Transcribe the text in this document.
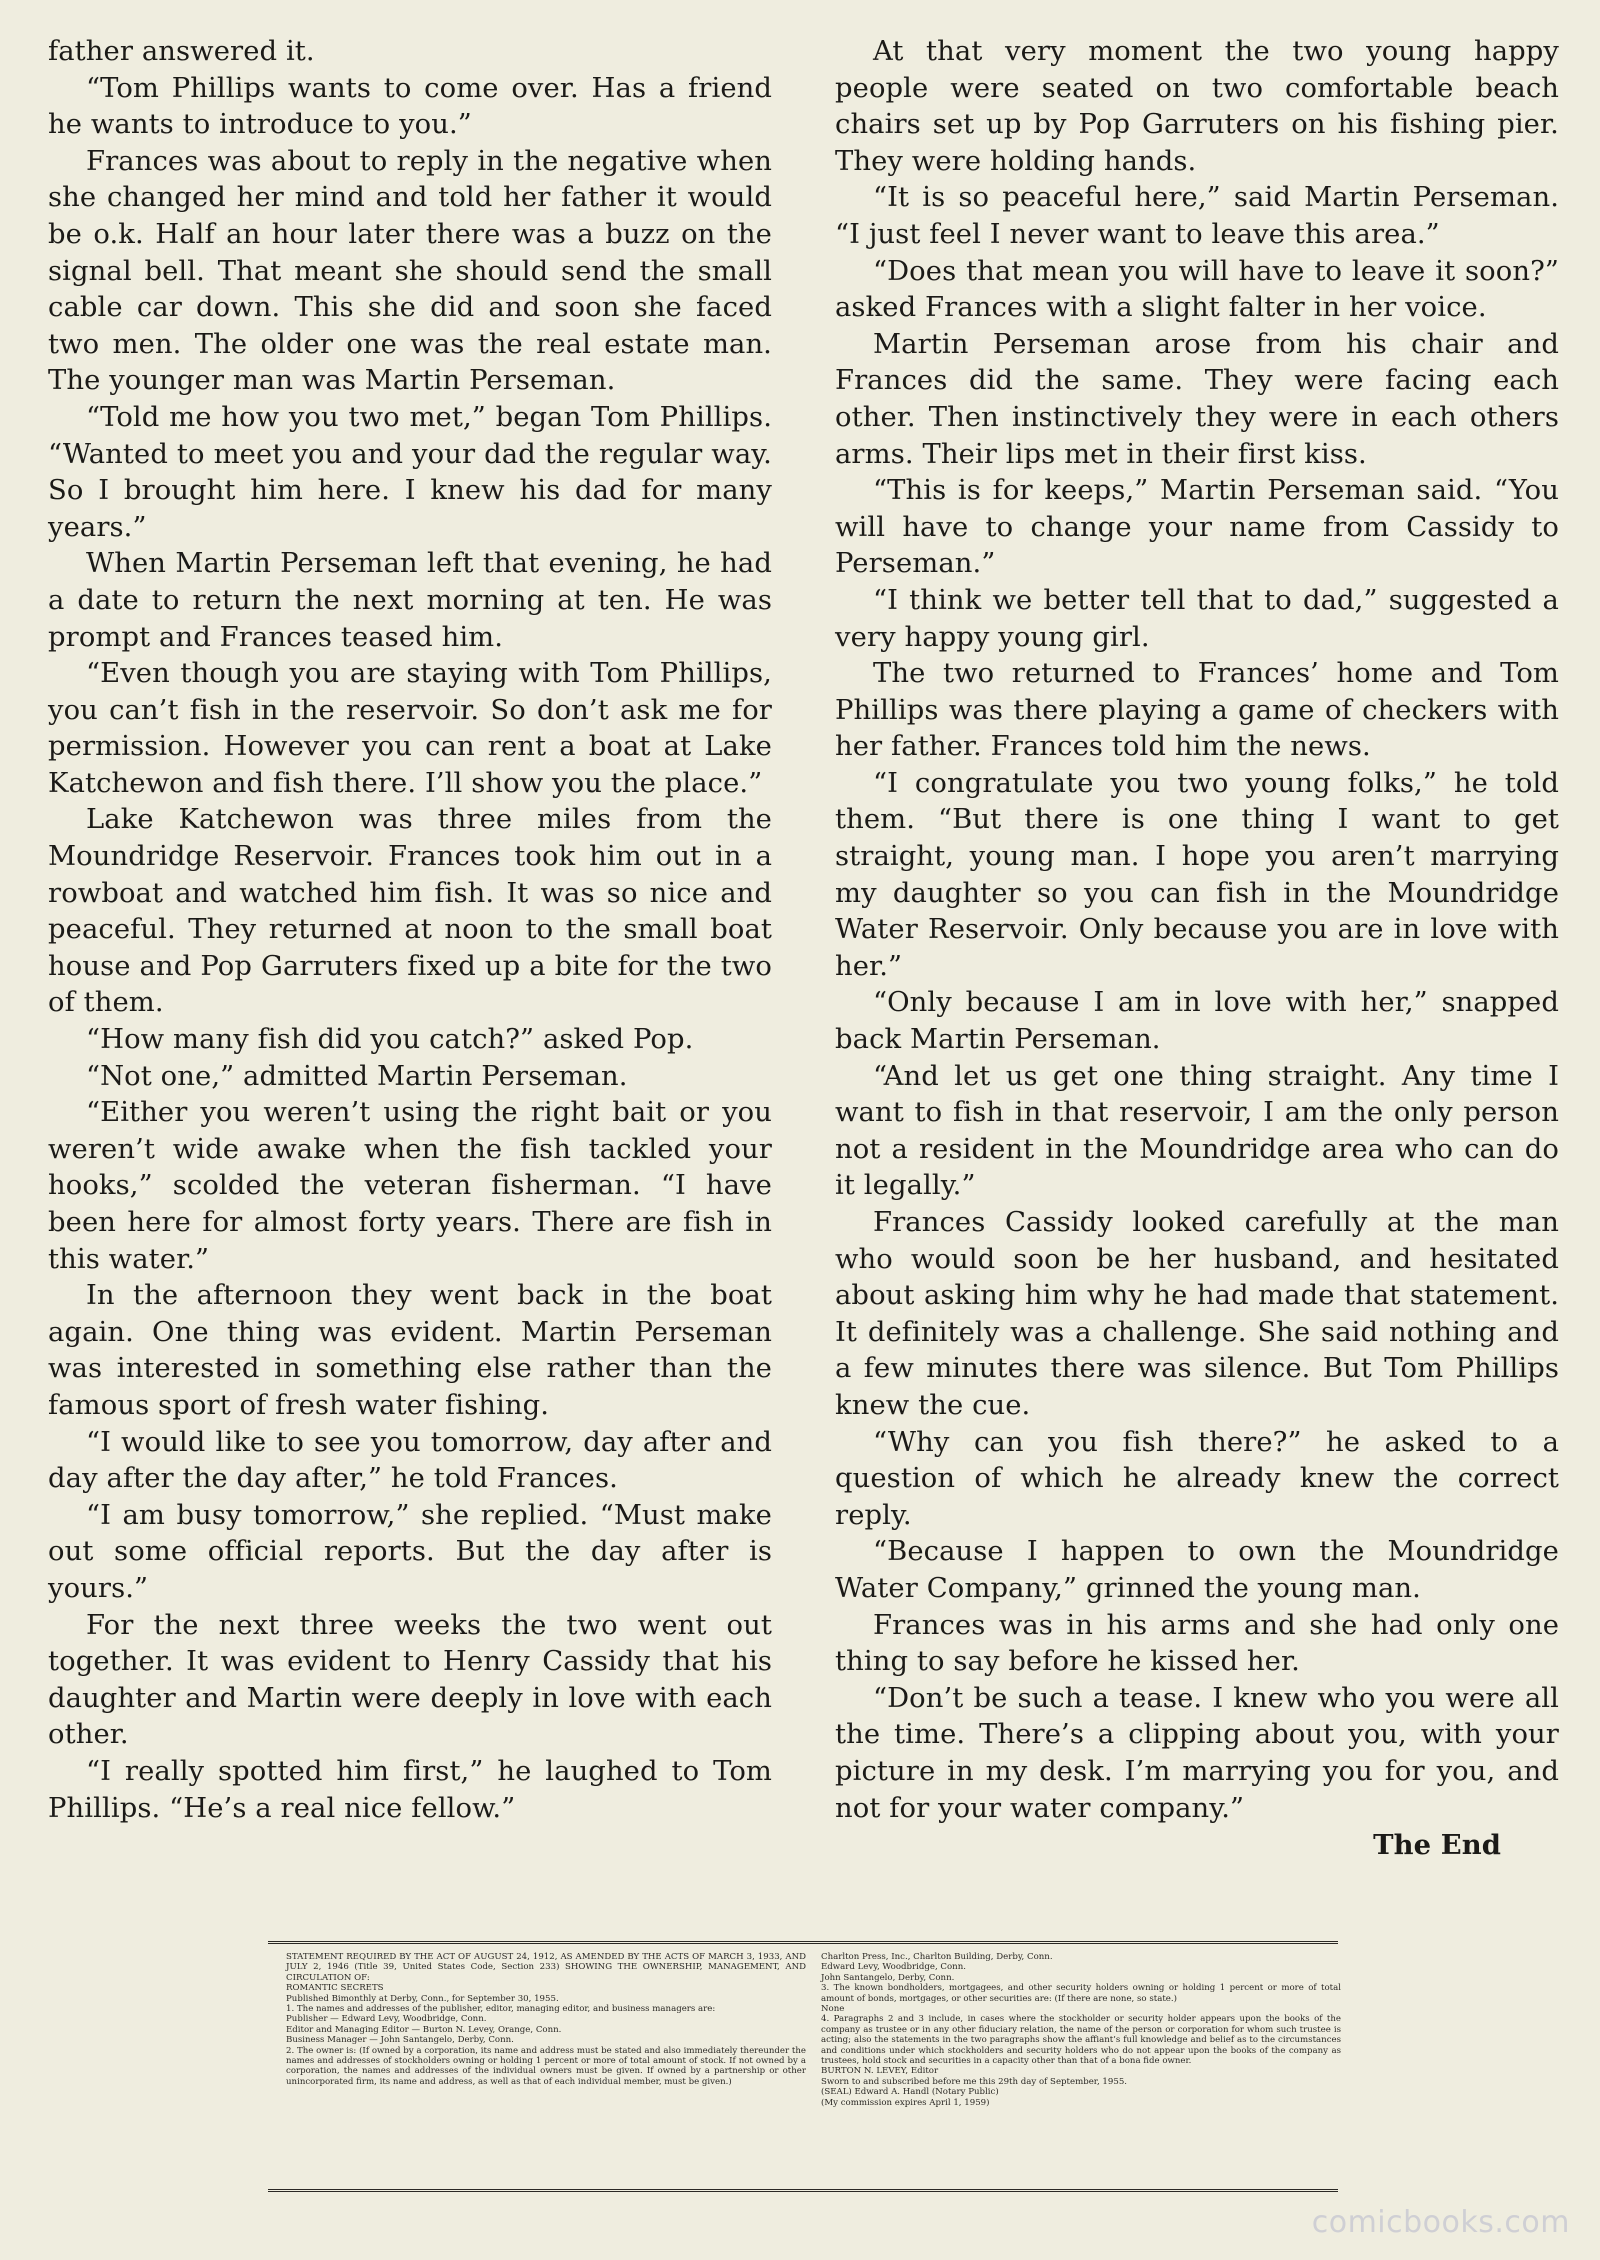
father answered it.

“Tom Phillips wants to come over. Has a friend he wants to introduce to you.”

Frances was about to reply in the negative when she changed her mind and told her father it would be o.k. Half an hour later there was a buzz on the signal bell. That meant she should send the small cable car down. This she did and soon she faced two men. The older one was the real estate man. The younger man was Martin Perseman.

“Told me how you two met,” began Tom Phillips. “Wanted to meet you and your dad the regular way. So I brought him here. I knew his dad for many years.”

When Martin Perseman left that evening, he had a date to return the next morning at ten. He was prompt and Frances teased him.

“Even though you are staying with Tom Phillips, you can’t fish in the reservoir. So don’t ask me for permission. However you can rent a boat at Lake Katchewon and fish there. I’ll show you the place.”

Lake Katchewon was three miles from the Moundridge Reservoir. Frances took him out in a rowboat and watched him fish. It was so nice and peaceful. They returned at noon to the small boat house and Pop Garruters fixed up a bite for the two of them.

“How many fish did you catch?” asked Pop.

“Not one,” admitted Martin Perseman.

“Either you weren’t using the right bait or you weren’t wide awake when the fish tackled your hooks,” scolded the veteran fisherman. “I have been here for almost forty years. There are fish in this water.”

In the afternoon they went back in the boat again. One thing was evident. Martin Perseman was interested in something else rather than the famous sport of fresh water fishing.

“I would like to see you tomorrow, day after and day after the day after,” he told Frances.

“I am busy tomorrow,” she replied. “Must make out some official reports. But the day after is yours.”

For the next three weeks the two went out together. It was evident to Henry Cassidy that his daughter and Martin were deeply in love with each other.

“I really spotted him first,” he laughed to Tom Phillips. “He’s a real nice fellow.”

At that very moment the two young happy people were seated on two comfortable beach chairs set up by Pop Garruters on his fishing pier. They were holding hands.

“It is so peaceful here,” said Martin Perseman. “I just feel I never want to leave this area.”

“Does that mean you will have to leave it soon?” asked Frances with a slight falter in her voice.

Martin Perseman arose from his chair and Frances did the same. They were facing each other. Then instinctively they were in each others arms. Their lips met in their first kiss.

“This is for keeps,” Martin Perseman said. “You will have to change your name from Cassidy to Perseman.”

“I think we better tell that to dad,” suggested a very happy young girl.

The two returned to Frances’ home and Tom Phillips was there playing a game of checkers with her father. Frances told him the news.

“I congratulate you two young folks,” he told them. “But there is one thing I want to get straight, young man. I hope you aren’t marrying my daughter so you can fish in the Moundridge Water Reservoir. Only because you are in love with her.”

“Only because I am in love with her,” snapped back Martin Perseman.

“And let us get one thing straight. Any time I want to fish in that reservoir, I am the only person not a resident in the Moundridge area who can do it legally.”

Frances Cassidy looked carefully at the man who would soon be her husband, and hesitated about asking him why he had made that statement. It definitely was a challenge. She said nothing and a few minutes there was silence. But Tom Phillips knew the cue.

“Why can you fish there?” he asked to a question of which he already knew the correct reply.

“Because I happen to own the Moundridge Water Company,” grinned the young man.

Frances was in his arms and she had only one thing to say before he kissed her.

“Don’t be such a tease. I knew who you were all the time. There’s a clipping about you, with your picture in my desk. I’m marrying you for you, and not for your water company.”

The End
STATEMENT REQUIRED BY THE ACT OF AUGUST 24, 1912, AS AMENDED BY THE ACTS OF MARCH 3, 1933, AND JULY 2, 1946 (Title 39, United States Code, Section 233) SHOWING THE OWNERSHIP, MANAGEMENT, AND CIRCULATION OF:
ROMANTIC SECRETS
Published Bimonthly at Derby, Conn., for September 30, 1955.
1. The names and addresses of the publisher, editor, managing editor, and business managers are:
Publisher — Edward Levy, Woodbridge, Conn.
Editor and Managing Editor — Burton N. Levey, Orange, Conn.
Business Manager — John Santangelo, Derby, Conn.
2. The owner is: (If owned by a corporation, its name and address must be stated and also immediately thereunder the names and addresses of stockholders owning or holding 1 percent or more of total amount of stock. If not owned by a corporation, the names and addresses of the individual owners must be given. If owned by a partnership or other unincorporated firm, its name and address, as well as that of each individual member, must be given.)
Charlton Press, Inc., Charlton Building, Derby, Conn.
Edward Levy, Woodbridge, Conn.
John Santangelo, Derby, Conn.
3. The known bondholders, mortgagees, and other security holders owning or holding 1 percent or more of total amount of bonds, mortgages, or other securities are: (If there are none, so state.)
None
4. Paragraphs 2 and 3 include, in cases where the stockholder or security holder appears upon the books of the company as trustee or in any other fiduciary relation, the name of the person or corporation for whom such trustee is acting; also the statements in the two paragraphs show the affiant’s full knowledge and belief as to the circumstances and conditions under which stockholders and security holders who do not appear upon the books of the company as trustees, hold stock and securities in a capacity other than that of a bona fide owner.
BURTON N. LEVEY, Editor
Sworn to and subscribed before me this 29th day of September, 1955.
(SEAL) Edward A. Handl (Notary Public)
(My commission expires April 1, 1959)
comicbooks.com
